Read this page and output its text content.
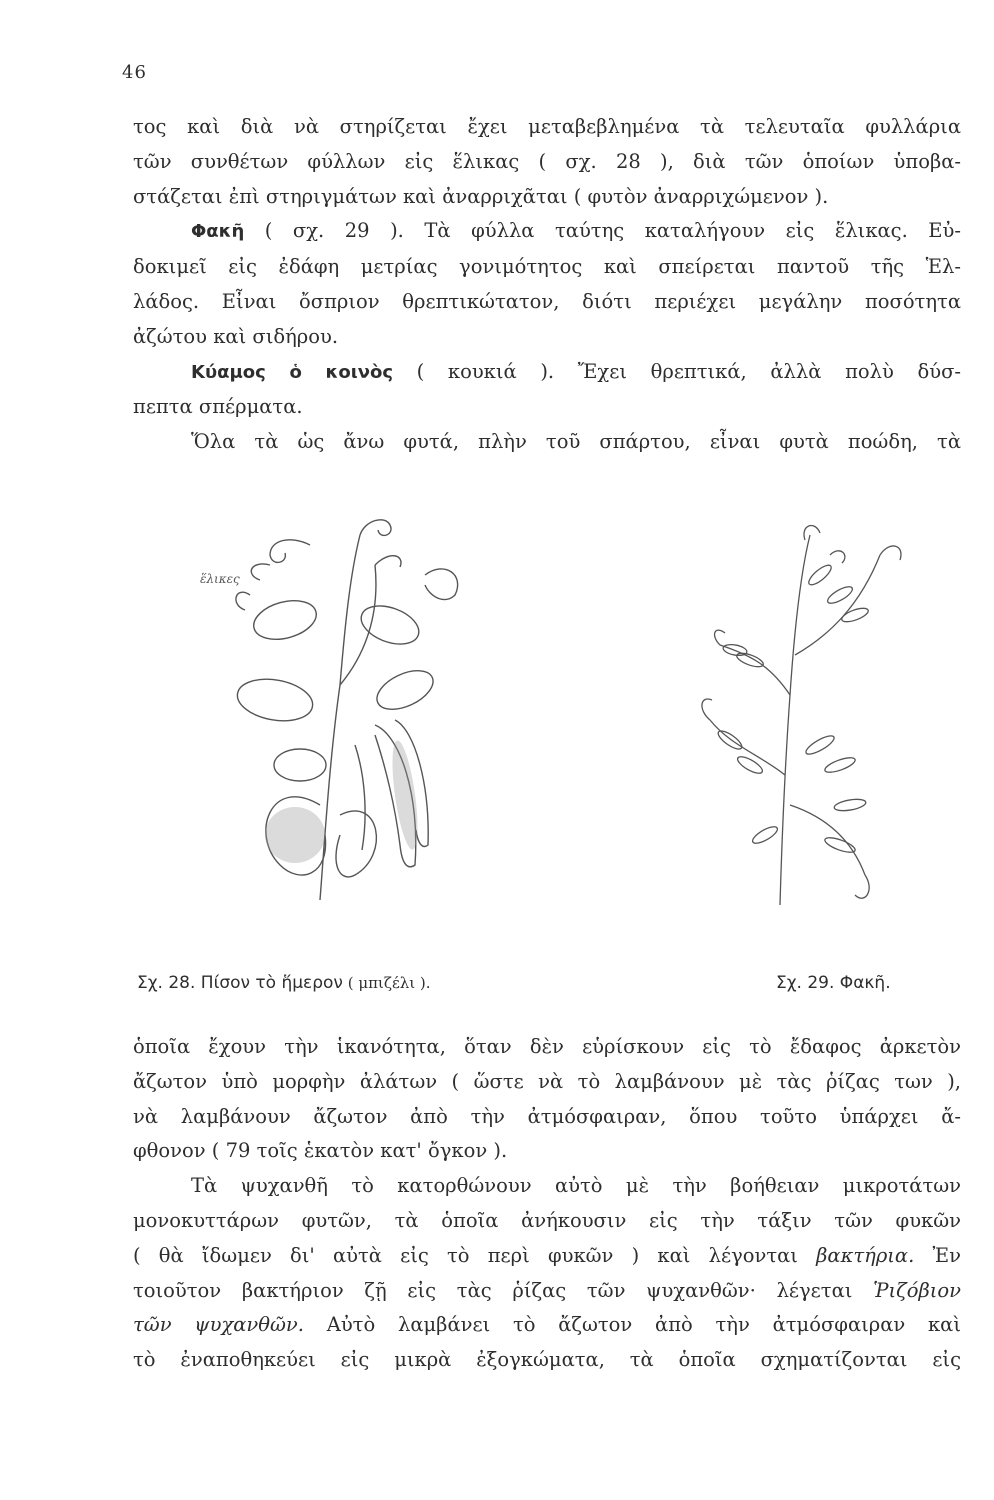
46
τος καὶ διὰ νὰ στηρίζεται ἔχει μεταβεβλημένα τὰ τελευταῖα φυλλάρια
τῶν συνθέτων φύλλων εἰς ἕλικας ( σχ. 28 ), διὰ τῶν ὁποίων ὑποβα-
στάζεται ἐπὶ στηριγμάτων καὶ ἀναρριχᾶται ( φυτὸν ἀναρριχώμενον ).
Φακῆ ( σχ. 29 ). Τὰ φύλλα ταύτης καταλήγουν εἰς ἕλικας. Εὐ-
δοκιμεῖ εἰς ἐδάφη μετρίας γονιμότητος καὶ σπείρεται παντοῦ τῆς Ἑλ-
λάδος. Εἶναι ὄσπριον θρεπτικώτατον, διότι περιέχει μεγάλην ποσότητα
ἀζώτου καὶ σιδήρου.
Κύαμος ὁ κοινὸς ( κουκιά ). Ἔχει θρεπτικά, ἀλλὰ πολὺ δύσ-
πεπτα σπέρματα.
Ὅλα τὰ ὡς ἄνω φυτά, πλὴν τοῦ σπάρτου, εἶναι φυτὰ ποώδη, τὰ
ἕλικες
Σχ. 28. Πίσον τὸ ἥμερον ( μπιζέλι ).	Σχ. 29. Φακῆ.
ὁποῖα ἔχουν τὴν ἱκανότητα, ὅταν δὲν εὑρίσκουν εἰς τὸ ἔδαφος ἀρκετὸν
ἄζωτον ὑπὸ μορφὴν ἀλάτων ( ὥστε νὰ τὸ λαμβάνουν μὲ τὰς ῥίζας των ),
νὰ λαμβάνουν ἄζωτον ἀπὸ τὴν ἀτμόσφαιραν, ὅπου τοῦτο ὑπάρχει ἄ-
φθονον ( 79 τοῖς ἑκατὸν κατ' ὄγκον ).
Τὰ ψυχανθῆ τὸ κατορθώνουν αὐτὸ μὲ τὴν βοήθειαν μικροτάτων
μονοκυττάρων φυτῶν, τὰ ὁποῖα ἀνήκουσιν εἰς τὴν τάξιν τῶν φυκῶν
( θὰ ἴδωμεν δι' αὐτὰ εἰς τὸ περὶ φυκῶν ) καὶ λέγονται βακτήρια. Ἐν
τοιοῦτον βακτήριον ζῇ εἰς τὰς ῥίζας τῶν ψυχανθῶν· λέγεται Ῥιζόβιον
τῶν ψυχανθῶν. Αὐτὸ λαμβάνει τὸ ἄζωτον ἀπὸ τὴν ἀτμόσφαιραν καὶ
τὸ ἐναποθηκεύει εἰς μικρὰ ἐξογκώματα, τὰ ὁποῖα σχηματίζονται εἰς
